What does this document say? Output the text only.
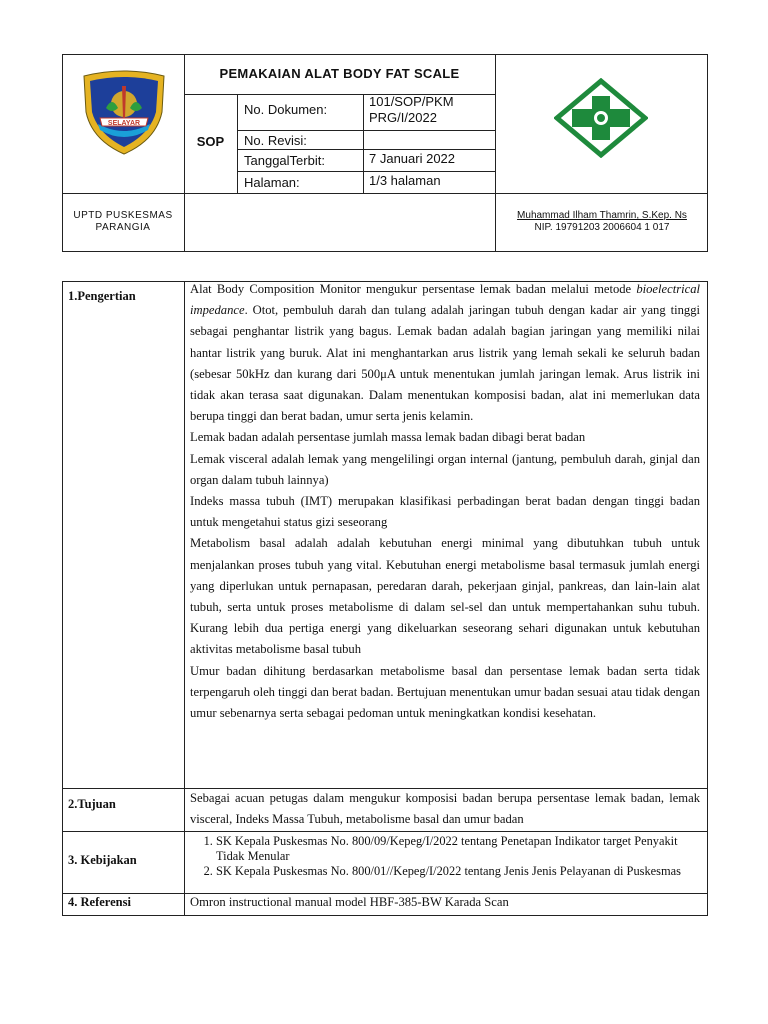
SELAYAR
PEMAKAIAN ALAT BODY FAT SCALE
SOP
No. Dokumen:
101/SOP/PKM PRG/I/2022
No. Revisi:
TanggalTerbit:	7 Januari 2022
Halaman:	1/3 halaman
UPTD PUSKESMAS
PARANGIA
Muhammad Ilham Thamrin, S.Kep. Ns
NIP. 19791203 2006604 1 017
1.Pengertian
2.Tujuan
3. Kebijakan
4. Referensi

Alat Body Composition Monitor mengukur persentase lemak badan melalui metode bioelectrical impedance. Otot, pembuluh darah dan tulang adalah jaringan tubuh dengan kadar air yang tinggi sebagai penghantar listrik yang bagus. Lemak badan adalah bagian jaringan yang memiliki nilai hantar listrik yang buruk. Alat ini menghantarkan arus listrik yang lemah sekali ke seluruh badan (sebesar 50kHz dan kurang dari 500μA untuk menentukan jumlah jaringan lemak. Arus listrik ini tidak akan terasa saat digunakan. Dalam menentukan komposisi badan, alat ini memerlukan data berupa tinggi dan berat badan, umur serta jenis kelamin.

Lemak badan adalah persentase jumlah massa lemak badan dibagi berat badan

Lemak visceral adalah lemak yang mengelilingi organ internal (jantung, pembuluh darah, ginjal dan organ dalam tubuh lainnya)

Indeks massa tubuh (IMT) merupakan klasifikasi perbadingan berat badan dengan tinggi badan untuk mengetahui status gizi seseorang

Metabolism basal adalah adalah kebutuhan energi minimal yang dibutuhkan tubuh untuk menjalankan proses tubuh yang vital. Kebutuhan energi metabolisme basal termasuk jumlah energi yang diperlukan untuk pernapasan, peredaran darah, pekerjaan ginjal, pankreas, dan lain-lain alat tubuh, serta untuk proses metabolisme di dalam sel-sel dan untuk mempertahankan suhu tubuh. Kurang lebih dua pertiga energi yang dikeluarkan seseorang sehari digunakan untuk kebutuhan aktivitas metabolisme basal tubuh

Umur badan dihitung berdasarkan metabolisme basal dan persentase lemak badan serta tidak terpengaruh oleh tinggi dan berat badan. Bertujuan menentukan umur badan sesuai atau tidak dengan umur sebenarnya serta sebagai pedoman untuk meningkatkan kondisi kesehatan.

Sebagai acuan petugas dalam mengukur komposisi badan berupa persentase lemak badan, lemak visceral, Indeks Massa Tubuh, metabolisme basal dan umur badan

1. SK Kepala Puskesmas No. 800/09/Kepeg/I/2022 tentang Penetapan Indikator target Penyakit Tidak Menular
2. SK Kepala Puskesmas No. 800/01//Kepeg/I/2022 tentang Jenis Jenis Pelayanan di Puskesmas

Omron instructional manual model HBF-385-BW Karada Scan
